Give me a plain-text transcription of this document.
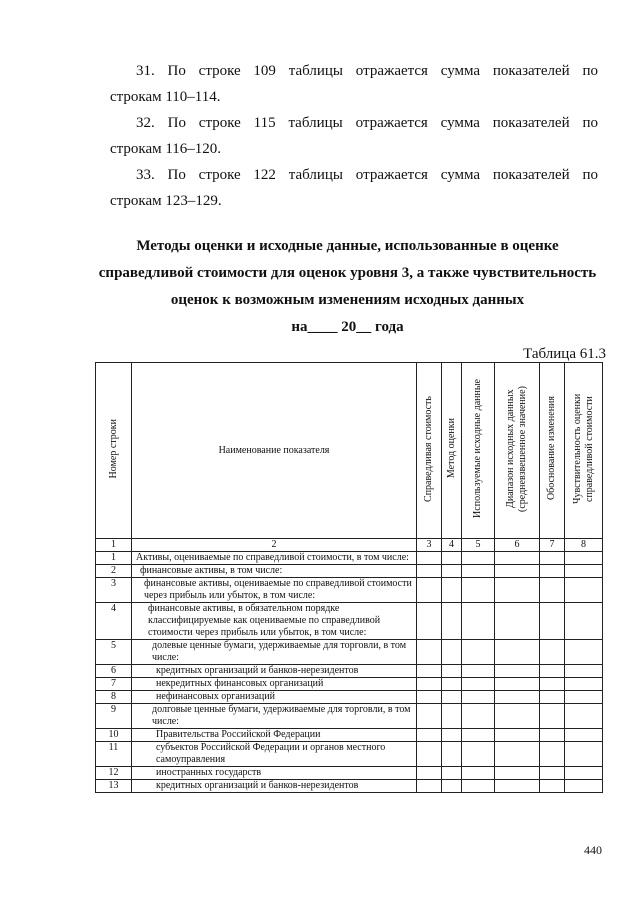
31. По строке 109 таблицы отражается сумма показателей по
строкам 110–114.
32. По строке 115 таблицы отражается сумма показателей по
строкам 116–120.
33. По строке 122 таблицы отражается сумма показателей по
строкам 123–129.
Методы оценки и исходные данные, использованные в оценке
справедливой стоимости для оценок уровня 3, а также чувствительность
оценок к возможным изменениям исходных данных
на____ 20__ года
Таблица 61.3
Номер строки	Наименование показателя	Справедливая стоимость	Метод оценки	Используемые исходные данные	Диапазон исходных данных (средневзвешенное значение)	Обоснование изменения	Чувствительность оценки справедливой стоимости
1	2	3	4	5	6	7	8
1	Активы, оцениваемые по справедливой стоимости, в том числе:						
2	финансовые активы, в том числе:						
3	финансовые активы, оцениваемые по справедливой стоимости через прибыль или убыток, в том числе:						
4	финансовые активы, в обязательном порядке классифицируемые как оцениваемые по справедливой стоимости через прибыль или убыток, в том числе:						
5	долевые ценные бумаги, удерживаемые для торговли, в том числе:						
6	кредитных организаций и банков-нерезидентов						
7	некредитных финансовых организаций						
8	нефинансовых организаций						
9	долговые ценные бумаги, удерживаемые для торговли, в том числе:						
10	Правительства Российской Федерации						
11	субъектов Российской Федерации и органов местного самоуправления						
12	иностранных государств						
13	кредитных организаций и банков-нерезидентов						
440
